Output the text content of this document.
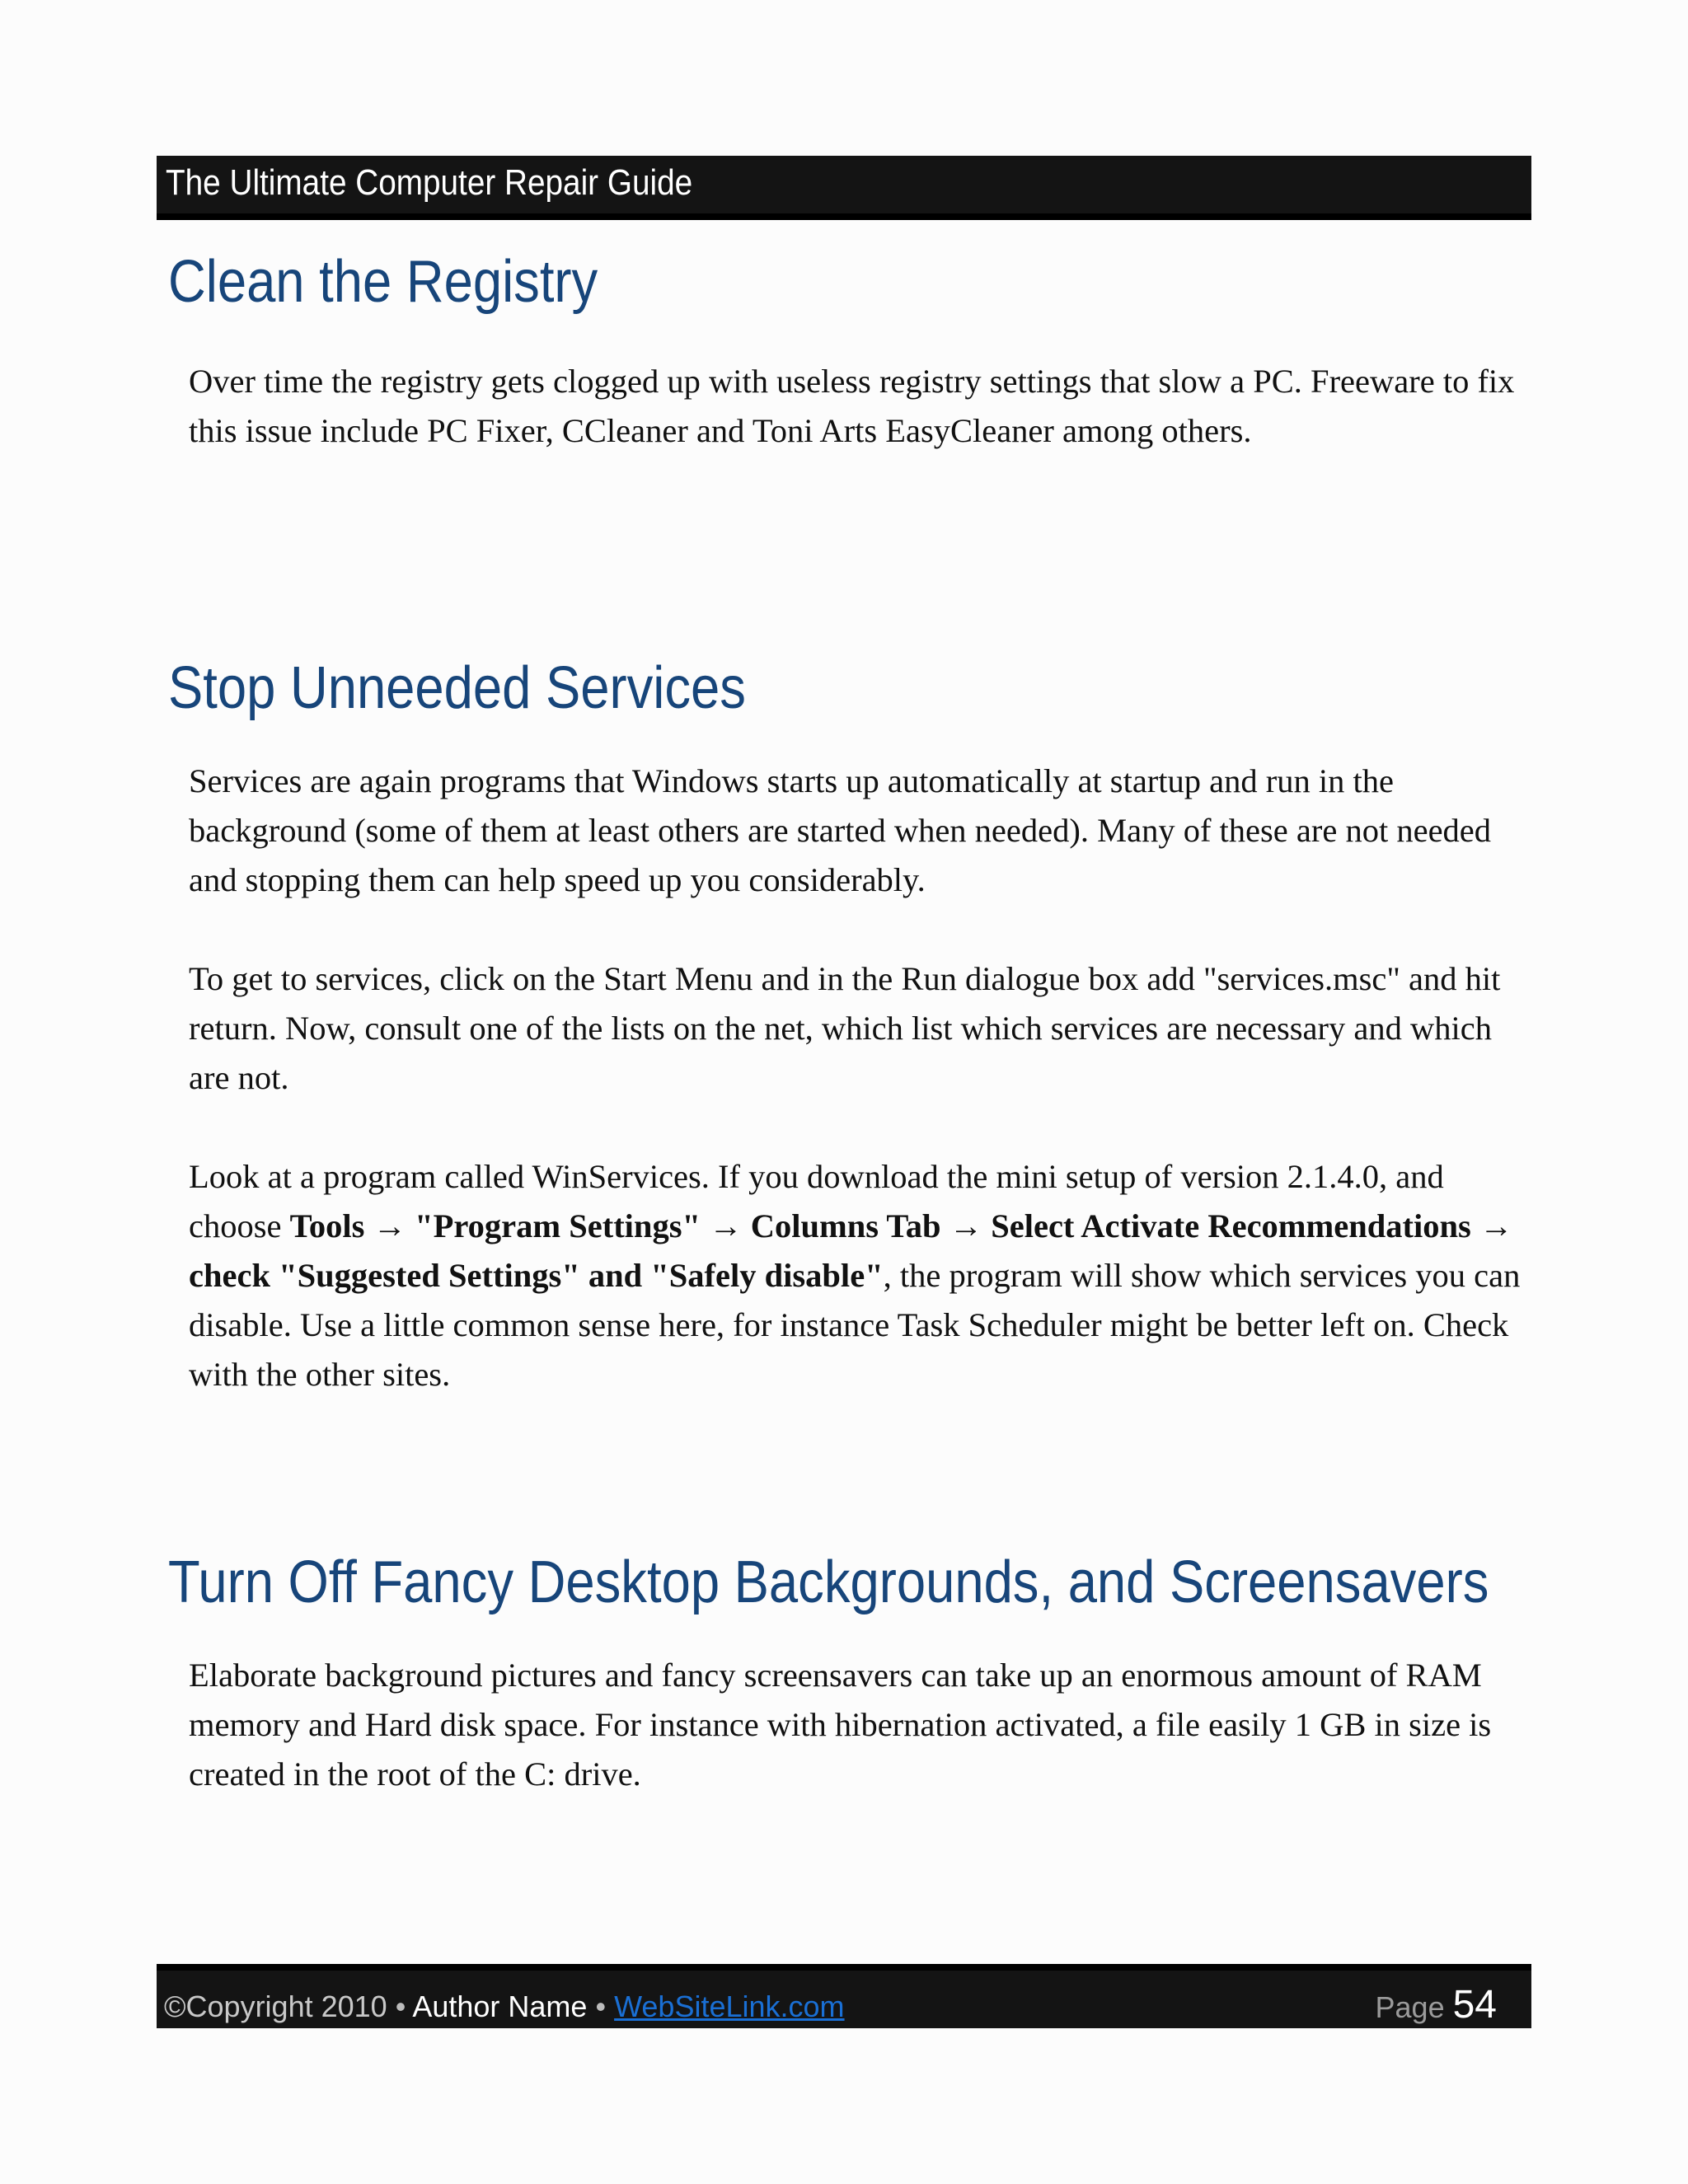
The Ultimate Computer Repair Guide
Clean the Registry

Over time the registry gets clogged up with useless registry settings that slow a PC. Freeware to fix this issue include PC Fixer, CCleaner and Toni Arts EasyCleaner among others.

Stop Unneeded Services

Services are again programs that Windows starts up automatically at startup and run in the background (some of them at least others are started when needed). Many of these are not needed and stopping them can help speed up you considerably.

To get to services, click on the Start Menu and in the Run dialogue box add "services.msc" and hit return. Now, consult one of the lists on the net, which list which services are necessary and which are not.

Look at a program called WinServices. If you download the mini setup of version 2.1.4.0, and choose Tools → "Program Settings" → Columns Tab → Select Activate Recommendations → check "Suggested Settings" and "Safely disable", the program will show which services you can disable. Use a little common sense here, for instance Task Scheduler might be better left on. Check with the other sites.

Turn Off Fancy Desktop Backgrounds, and Screensavers

Elaborate background pictures and fancy screensavers can take up an enormous amount of RAM memory and Hard disk space. For instance with hibernation activated, a file easily 1 GB in size is created in the root of the C: drive.

©Copyright 2010 • Author Name • WebSiteLink.com	Page 54
